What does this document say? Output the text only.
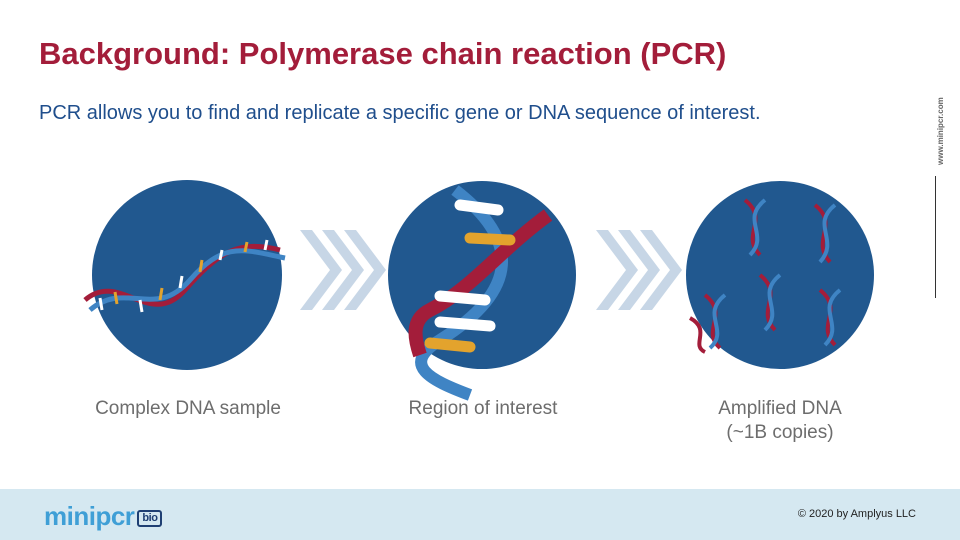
Background: Polymerase chain reaction (PCR)

PCR allows you to find and replicate a specific gene or DNA sequence of interest.	www.minipcr.com
Complex DNA sample	Region of interest	Amplified DNA
(~1B copies)
minipcr bio	© 2020 by Amplyus LLC
